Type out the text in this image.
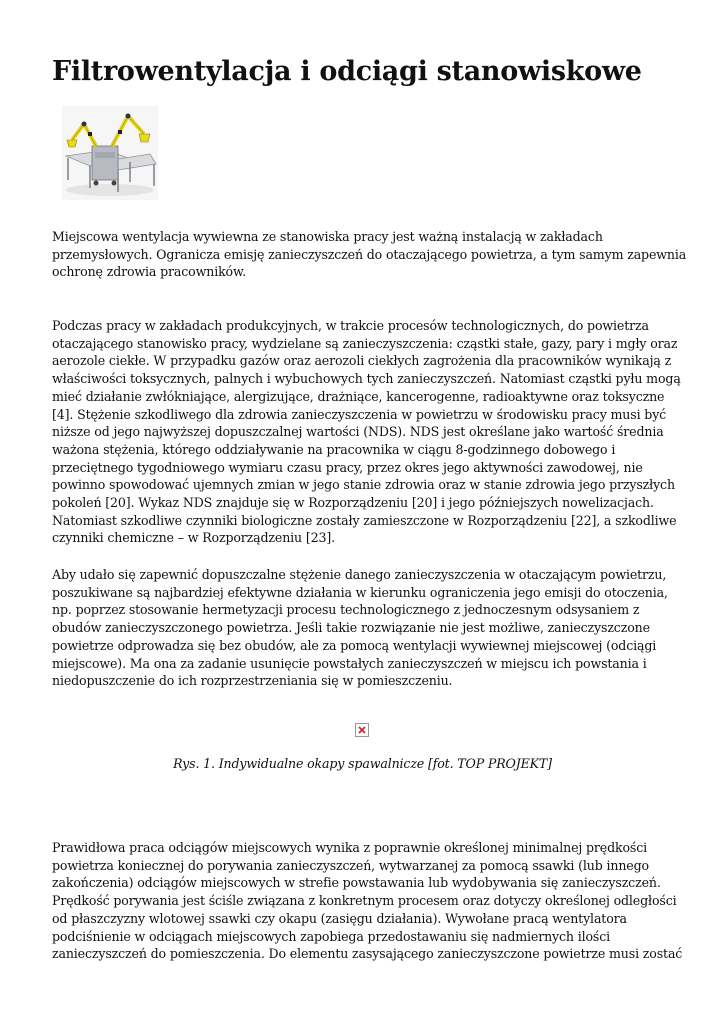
Filtrowentylacja i odciągi stanowiskowe

Miejscowa wentylacja wywiewna ze stanowiska pracy jest ważną instalacją w zakładach
przemysłowych. Ogranicza emisję zanieczyszczeń do otaczającego powietrza, a tym samym zapewnia
ochronę zdrowia pracowników.

Podczas pracy w zakładach produkcyjnych, w trakcie procesów technologicznych, do powietrza
otaczającego stanowisko pracy, wydzielane są zanieczyszczenia: cząstki stałe, gazy, pary i mgły oraz
aerozole ciekłe. W przypadku gazów oraz aerozoli ciekłych zagrożenia dla pracowników wynikają z
właściwości toksycznych, palnych i wybuchowych tych zanieczyszczeń. Natomiast cząstki pyłu mogą
mieć działanie zwłókniające, alergizujące, drażniące, kancerogenne, radioaktywne oraz toksyczne
[4]. Stężenie szkodliwego dla zdrowia zanieczyszczenia w powietrzu w środowisku pracy musi być
niższe od jego najwyższej dopuszczalnej wartości (NDS). NDS jest określane jako wartość średnia
ważona stężenia, którego oddziaływanie na pracownika w ciągu 8-godzinnego dobowego i
przeciętnego tygodniowego wymiaru czasu pracy, przez okres jego aktywności zawodowej, nie
powinno spowodować ujemnych zmian w jego stanie zdrowia oraz w stanie zdrowia jego przyszłych
pokoleń [20]. Wykaz NDS znajduje się w Rozporządzeniu [20] i jego późniejszych nowelizacjach.
Natomiast szkodliwe czynniki biologiczne zostały zamieszczone w Rozporządzeniu [22], a szkodliwe
czynniki chemiczne – w Rozporządzeniu [23].

Aby udało się zapewnić dopuszczalne stężenie danego zanieczyszczenia w otaczającym powietrzu,
poszukiwane są najbardziej efektywne działania w kierunku ograniczenia jego emisji do otoczenia,
np. poprzez stosowanie hermetyzacji procesu technologicznego z jednoczesnym odsysaniem z
obudów zanieczyszczonego powietrza. Jeśli takie rozwiązanie nie jest możliwe, zanieczyszczone
powietrze odprowadza się bez obudów, ale za pomocą wentylacji wywiewnej miejscowej (odciągi
miejscowe). Ma ona za zadanie usunięcie powstałych zanieczyszczeń w miejscu ich powstania i
niedopuszczenie do ich rozprzestrzeniania się w pomieszczeniu.

Rys. 1. Indywidualne okapy spawalnicze [fot. TOP PROJEKT]

Prawidłowa praca odciągów miejscowych wynika z poprawnie określonej minimalnej prędkości
powietrza koniecznej do porywania zanieczyszczeń, wytwarzanej za pomocą ssawki (lub innego
zakończenia) odciągów miejscowych w strefie powstawania lub wydobywania się zanieczyszczeń.
Prędkość porywania jest ściśle związana z konkretnym procesem oraz dotyczy określonej odległości
od płaszczyzny wlotowej ssawki czy okapu (zasięgu działania). Wywołane pracą wentylatora
podciśnienie w odciągach miejscowych zapobiega przedostawaniu się nadmiernych ilości
zanieczyszczeń do pomieszczenia. Do elementu zasysającego zanieczyszczone powietrze musi zostać
